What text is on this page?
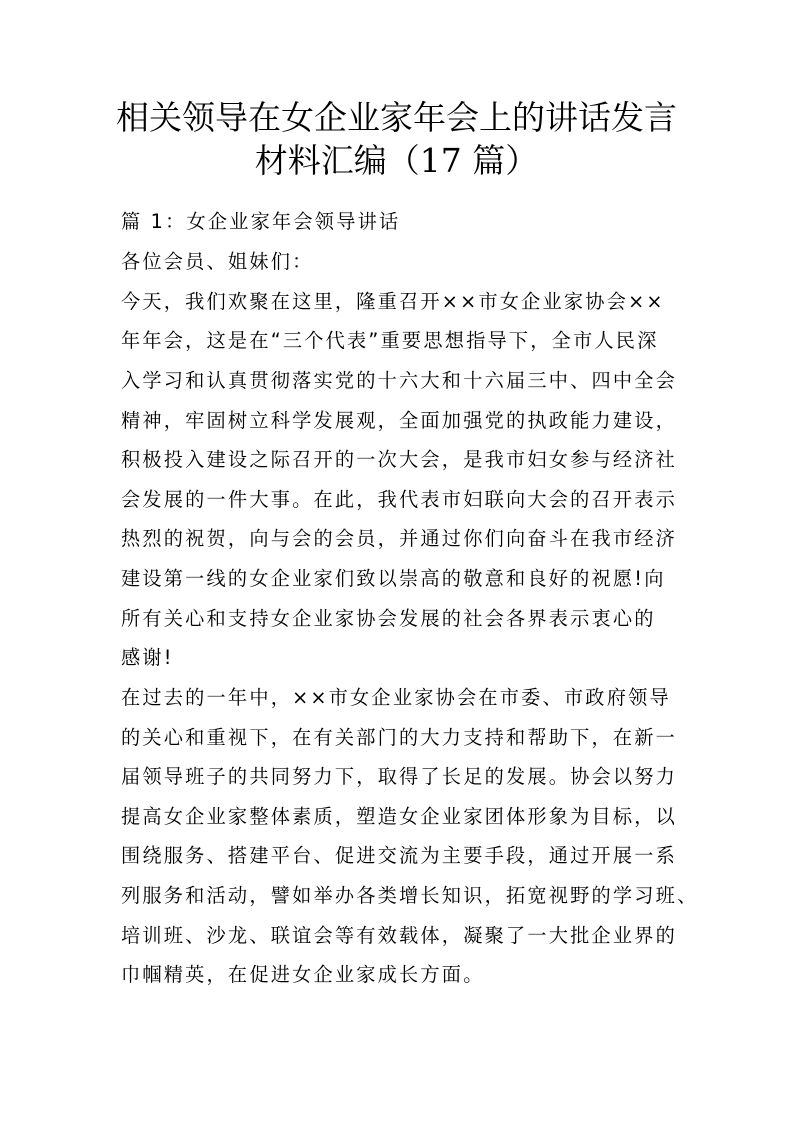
相关领导在女企业家年会上的讲话发言
材料汇编（17 篇）

篇 1：女企业家年会领导讲话

各位会员、姐妹们：

今天，我们欢聚在这里，隆重召开××市女企业家协会××

年年会，这是在“三个代表”重要思想指导下，全市人民深

入学习和认真贯彻落实党的十六大和十六届三中、四中全会

精神，牢固树立科学发展观，全面加强党的执政能力建设，

积极投入建设之际召开的一次大会，是我市妇女参与经济社

会发展的一件大事。在此，我代表市妇联向大会的召开表示

热烈的祝贺，向与会的会员，并通过你们向奋斗在我市经济

建设第一线的女企业家们致以崇高的敬意和良好的祝愿!向

所有关心和支持女企业家协会发展的社会各界表示衷心的

感谢!

在过去的一年中，××市女企业家协会在市委、市政府领导

的关心和重视下，在有关部门的大力支持和帮助下，在新一

届领导班子的共同努力下，取得了长足的发展。协会以努力

提高女企业家整体素质，塑造女企业家团体形象为目标，以

围绕服务、搭建平台、促进交流为主要手段，通过开展一系

列服务和活动，譬如举办各类增长知识，拓宽视野的学习班、

培训班、沙龙、联谊会等有效载体，凝聚了一大批企业界的

巾帼精英，在促进女企业家成长方面。
